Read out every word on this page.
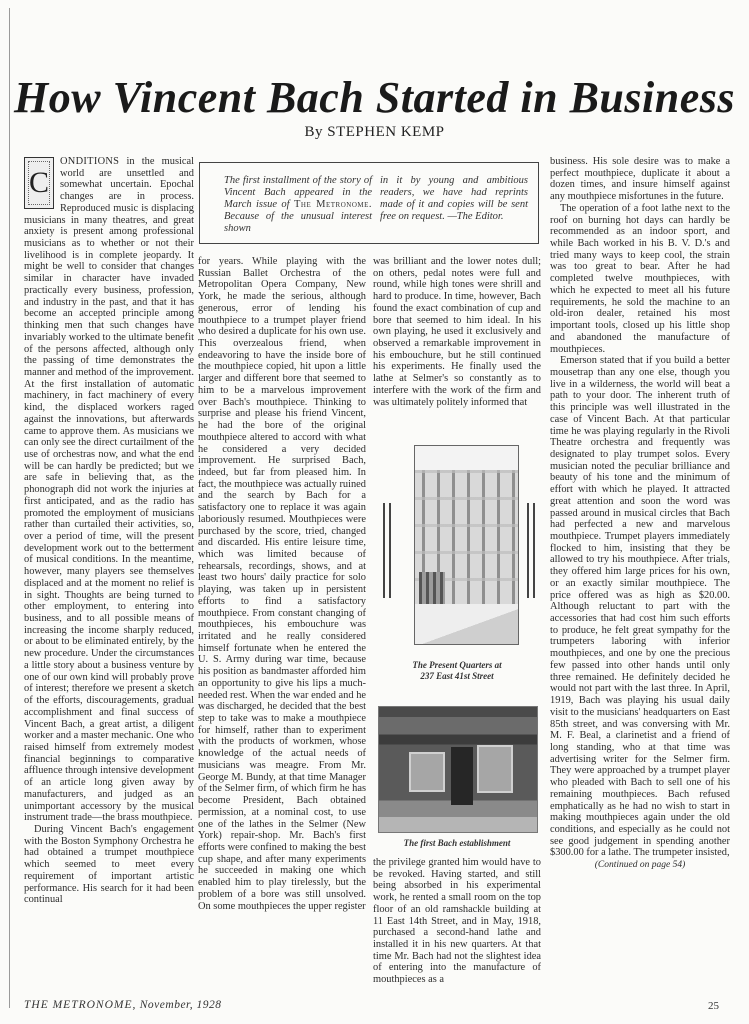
How Vincent Bach Started in Business
By STEPHEN KEMP
The first installment of the story of Vincent Bach appeared in the March issue of The Metronome. Because of the unusual interest shown
in it by young and ambitious readers, we have had reprints made of it and copies will be sent free on request. —The Editor.

C
ONDITIONS in the musical world are unsettled and somewhat uncertain. Epochal changes are in process. Reproduced music is displacing musicians in many theatres, and great anxiety is present among professional musicians as to whether or not their livelihood is in complete jeopardy. It might be well to consider that changes similar in character have invaded practically every business, profession, and industry in the past, and that it has become an accepted principle among thinking men that such changes have invariably worked to the ultimate benefit of the persons affected, although only the passing of time demonstrates the manner and method of the improvement. At the first installation of automatic machinery, in fact machinery of every kind, the displaced workers raged against the innovations, but afterwards came to approve them. As musicians we can only see the direct curtailment of the use of orchestras now, and what the end will be can hardly be predicted; but we are safe in believing that, as the phonograph did not work the injuries at first anticipated, and as the radio has promoted the employment of musicians rather than curtailed their activities, so, over a period of time, will the present development work out to the betterment of musical conditions. In the meantime, however, many players see themselves displaced and at the moment no relief is in sight. Thoughts are being turned to other employment, to entering into business, and to all possible means of increasing the income sharply reduced, or about to be eliminated entirely, by the new procedure. Under the circumstances a little story about a business venture by one of our own kind will probably prove of interest; therefore we present a sketch of the efforts, discouragements, gradual accomplishment and final success of Vincent Bach, a great artist, a diligent worker and a master mechanic. One who raised himself from extremely modest financial beginnings to comparative affluence through intensive development of an article long given away by manufacturers, and judged as an unimportant accessory by the musical instrument trade—the brass mouthpiece.

During Vincent Bach's engagement with the Boston Symphony Orchestra he had obtained a trumpet mouthpiece which seemed to meet every requirement of important artistic performance. His search for it had been continual

for years. While playing with the Russian Ballet Orchestra of the Metropolitan Opera Company, New York, he made the serious, although generous, error of lending his mouthpiece to a trumpet player friend who desired a duplicate for his own use. This overzealous friend, when endeavoring to have the inside bore of the mouthpiece copied, hit upon a little larger and different bore that seemed to him to be a marvelous improvement over Bach's mouthpiece. Thinking to surprise and please his friend Vincent, he had the bore of the original mouthpiece altered to accord with what he considered a very decided improvement. He surprised Bach, indeed, but far from pleased him. In fact, the mouthpiece was actually ruined and the search by Bach for a satisfactory one to replace it was again laboriously resumed. Mouthpieces were purchased by the score, tried, changed and discarded. His entire leisure time, which was limited because of rehearsals, recordings, shows, and at least two hours' daily practice for solo playing, was taken up in persistent efforts to find a satisfactory mouthpiece. From constant changing of mouthpieces, his embouchure was irritated and he really considered himself fortunate when he entered the U. S. Army during war time, because his position as bandmaster afforded him an opportunity to give his lips a much-needed rest. When the war ended and he was discharged, he decided that the best step to take was to make a mouthpiece for himself, rather than to experiment with the products of workmen, whose knowledge of the actual needs of musicians was meagre. From Mr. George M. Bundy, at that time Manager of the Selmer firm, of which firm he has become President, Bach obtained permission, at a nominal cost, to use one of the lathes in the Selmer (New York) repair-shop. Mr. Bach's first efforts were confined to making the best cup shape, and after many experiments he succeeded in making one which enabled him to play tirelessly, but the problem of a bore was still unsolved. On some mouthpieces the upper register

was brilliant and the lower notes dull; on others, pedal notes were full and round, while high tones were shrill and hard to produce. In time, however, Bach found the exact combination of cup and bore that seemed to him ideal. In his own playing, he used it exclusively and observed a remarkable improvement in his embouchure, but he still continued his experiments. He finally used the lathe at Selmer's so constantly as to interfere with the work of the firm and was ultimately politely informed that

The Present Quarters at
237 East 41st Street
The first Bach establishment

the privilege granted him would have to be revoked. Having started, and still being absorbed in his experimental work, he rented a small room on the top floor of an old ramshackle building at 11 East 14th Street, and in May, 1918, purchased a second-hand lathe and installed it in his new quarters. At that time Mr. Bach had not the slightest idea of entering into the manufacture of mouthpieces as a

business. His sole desire was to make a perfect mouthpiece, duplicate it about a dozen times, and insure himself against any mouthpiece misfortunes in the future.

The operation of a foot lathe next to the roof on burning hot days can hardly be recommended as an indoor sport, and while Bach worked in his B. V. D.'s and tried many ways to keep cool, the strain was too great to bear. After he had completed twelve mouthpieces, with which he expected to meet all his future requirements, he sold the machine to an old-iron dealer, retained his most important tools, closed up his little shop and abandoned the manufacture of mouthpieces.

Emerson stated that if you build a better mousetrap than any one else, though you live in a wilderness, the world will beat a path to your door. The inherent truth of this principle was well illustrated in the case of Vincent Bach. At that particular time he was playing regularly in the Rivoli Theatre orchestra and frequently was designated to play trumpet solos. Every musician noted the peculiar brilliance and beauty of his tone and the minimum of effort with which he played. It attracted great attention and soon the word was passed around in musical circles that Bach had perfected a new and marvelous mouthpiece. Trumpet players immediately flocked to him, insisting that they be allowed to try his mouthpiece. After trials, they offered him large prices for his own, or an exactly similar mouthpiece. The price offered was as high as $20.00. Although reluctant to part with the accessories that had cost him such efforts to produce, he felt great sympathy for the trumpeters laboring with inferior mouthpieces, and one by one the precious few passed into other hands until only three remained. He definitely decided he would not part with the last three. In April, 1919, Bach was playing his usual daily visit to the musicians' headquarters on East 85th street, and was conversing with Mr. M. F. Beal, a clarinetist and a friend of long standing, who at that time was advertising writer for the Selmer firm. They were approached by a trumpet player who pleaded with Bach to sell one of his remaining mouthpieces. Bach refused emphatically as he had no wish to start in making mouthpieces again under the old conditions, and especially as he could not see good judgement in spending another $300.00 for a lathe. The trumpeter insisted,

(Continued on page 54)
THE METRONOME, November, 1928	25
